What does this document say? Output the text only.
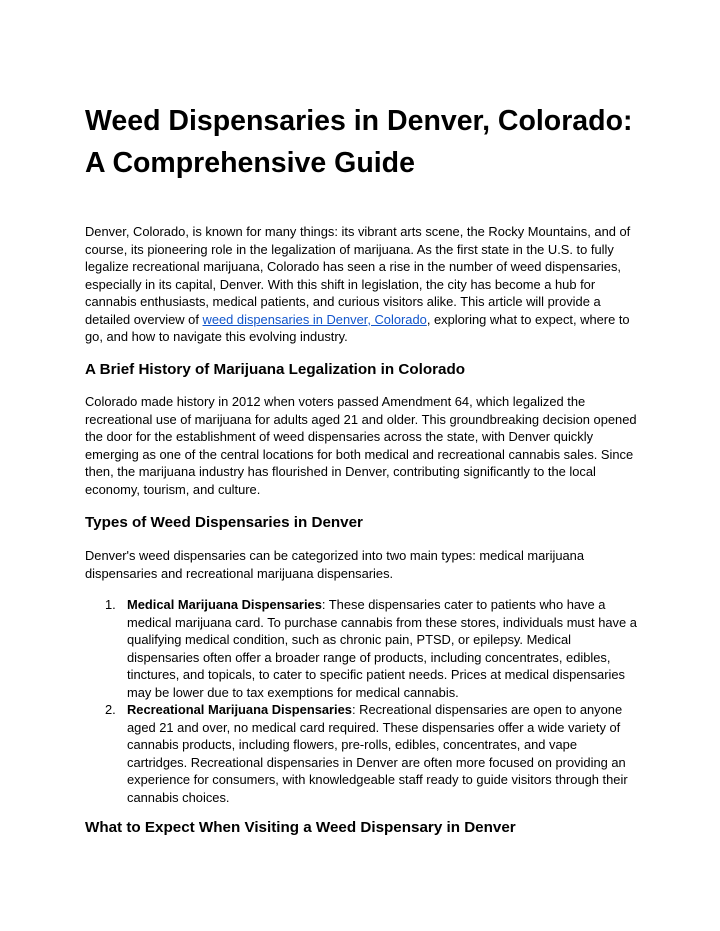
Weed Dispensaries in Denver, Colorado: A Comprehensive Guide

Denver, Colorado, is known for many things: its vibrant arts scene, the Rocky Mountains, and of course, its pioneering role in the legalization of marijuana. As the first state in the U.S. to fully legalize recreational marijuana, Colorado has seen a rise in the number of weed dispensaries, especially in its capital, Denver. With this shift in legislation, the city has become a hub for cannabis enthusiasts, medical patients, and curious visitors alike. This article will provide a detailed overview of weed dispensaries in Denver, Colorado, exploring what to expect, where to go, and how to navigate this evolving industry.

A Brief History of Marijuana Legalization in Colorado

Colorado made history in 2012 when voters passed Amendment 64, which legalized the recreational use of marijuana for adults aged 21 and older. This groundbreaking decision opened the door for the establishment of weed dispensaries across the state, with Denver quickly emerging as one of the central locations for both medical and recreational cannabis sales. Since then, the marijuana industry has flourished in Denver, contributing significantly to the local economy, tourism, and culture.

Types of Weed Dispensaries in Denver

Denver's weed dispensaries can be categorized into two main types: medical marijuana dispensaries and recreational marijuana dispensaries.

1. Medical Marijuana Dispensaries: These dispensaries cater to patients who have a medical marijuana card. To purchase cannabis from these stores, individuals must have a qualifying medical condition, such as chronic pain, PTSD, or epilepsy. Medical dispensaries often offer a broader range of products, including concentrates, edibles, tinctures, and topicals, to cater to specific patient needs. Prices at medical dispensaries may be lower due to tax exemptions for medical cannabis.
2. Recreational Marijuana Dispensaries: Recreational dispensaries are open to anyone aged 21 and over, no medical card required. These dispensaries offer a wide variety of cannabis products, including flowers, pre-rolls, edibles, concentrates, and vape cartridges. Recreational dispensaries in Denver are often more focused on providing an experience for consumers, with knowledgeable staff ready to guide visitors through their cannabis choices.
What to Expect When Visiting a Weed Dispensary in Denver
